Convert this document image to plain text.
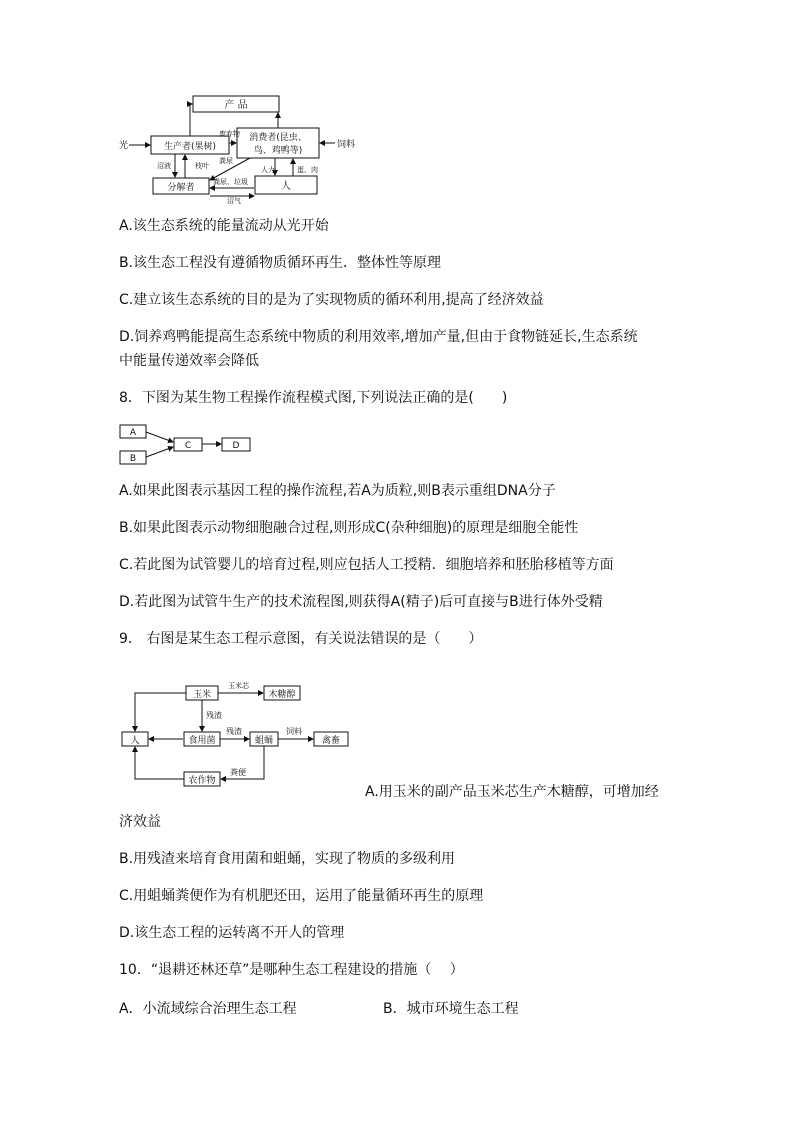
产 品
生产者(果树)
消费者(昆虫、
鸟、鸡鸭等)
饲料
光
分解者	人
废弃物
沼液	枝叶
粪尿
人力	蛋、肉
粪尿、垃圾
沼气
A.该生态系统的能量流动从光开始
B.该生态工程没有遵循物质循环再生．整体性等原理
C.建立该生态系统的目的是为了实现物质的循环利用,提高了经济效益
D.饲养鸡鸭能提高生态系统中物质的利用效率,增加产量,但由于食物链延长,生态系统
中能量传递效率会降低
8．下图为某生物工程操作流程模式图,下列说法正确的是(　　)
A
B
C	D
A.如果此图表示基因工程的操作流程,若A为质粒,则B表示重组DNA分子
B.如果此图表示动物细胞融合过程,则形成C(杂种细胞)的原理是细胞全能性
C.若此图为试管婴儿的培育过程,则应包括人工授精．细胞培养和胚胎移植等方面
D.若此图为试管牛生产的技术流程图,则获得A(精子)后可直接与B进行体外受精
9． 右图是某生态工程示意图，有关说法错误的是（　　）
玉米
玉米芯
木糖醇
残渣
人	食用菌
残渣
蛆蛹
饲料
禽畜
农作物
粪便
A.用玉米的副产品玉米芯生产木糖醇，可增加经
济效益
B.用残渣来培育食用菌和蛆蛹，实现了物质的多级利用
C.用蛆蛹粪便作为有机肥还田，运用了能量循环再生的原理
D.该生态工程的运转离不开人的管理
10．“退耕还林还草”是哪种生态工程建设的措施（　 ）
A．小流域综合治理生态工程	B．城市环境生态工程
